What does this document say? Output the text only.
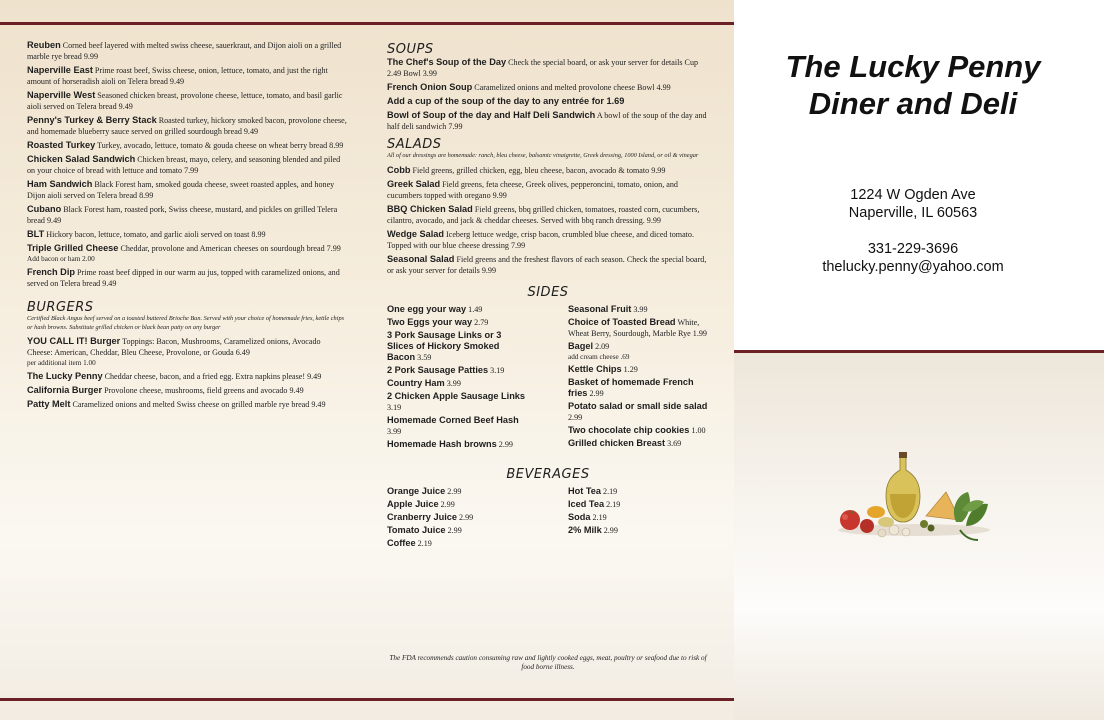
Reuben Corned beef layered with melted swiss cheese, sauerkraut, and Dijon aioli on a grilled marble rye bread 9.99
Naperville East Prime roast beef, Swiss cheese, onion, lettuce, tomato, and just the right amount of horseradish aioli on Telera bread 9.49
Naperville West Seasoned chicken breast, provolone cheese, lettuce, tomato, and basil garlic aioli served on Telera bread 9.49
Penny's Turkey & Berry Stack Roasted turkey, hickory smoked bacon, provolone cheese, and homemade blueberry sauce served on grilled sourdough bread 9.49
Roasted Turkey Turkey, avocado, lettuce, tomato & gouda cheese on wheat berry bread 8.99
Chicken Salad Sandwich Chicken breast, mayo, celery, and seasoning blended and piled on your choice of bread with lettuce and tomato 7.99
Ham Sandwich Black Forest ham, smoked gouda cheese, sweet roasted apples, and honey Dijon aioli served on Telera bread 8.99
Cubano Black Forest ham, roasted pork, Swiss cheese, mustard, and pickles on grilled Telera bread 9.49
BLT Hickory bacon, lettuce, tomato, and garlic aioli served on toast 8.99
Triple Grilled Cheese Cheddar, provolone and American cheeses on sourdough bread 7.99
Add bacon or ham 2.00
French Dip Prime roast beef dipped in our warm au jus, topped with caramelized onions, and served on Telera bread 9.49
BURGERS
Certified Black Angus beef served on a toasted buttered Brioche Bun. Served with your choice of homemade fries, kettle chips or hash browns. Substitute grilled chicken or black bean patty on any burger
YOU CALL IT! Burger Toppings: Bacon, Mushrooms, Caramelized onions, Avocado
Cheese: American, Cheddar, Bleu Cheese, Provolone, or Gouda 6.49
per additional item 1.00
The Lucky Penny Cheddar cheese, bacon, and a fried egg. Extra napkins please! 9.49
California Burger Provolone cheese, mushrooms, field greens and avocado 9.49
Patty Melt Caramelized onions and melted Swiss cheese on grilled marble rye bread 9.49
SOUPS
The Chef's Soup of the Day Check the special board, or ask your server for details Cup 2.49 Bowl 3.99
French Onion Soup Caramelized onions and melted provolone cheese Bowl 4.99
Add a cup of the soup of the day to any entrée for 1.69
Bowl of Soup of the day and Half Deli Sandwich A bowl of the soup of the day and half deli sandwich 7.99
SALADS
All of our dressings are homemade: ranch, bleu cheese, balsamic vinaigrette, Greek dressing, 1000 Island, or oil & vinegar
Cobb Field greens, grilled chicken, egg, bleu cheese, bacon, avocado & tomato 9.99
Greek Salad Field greens, feta cheese, Greek olives, pepperoncini, tomato, onion, and cucumbers topped with oregano 9.99
BBQ Chicken Salad Field greens, bbq grilled chicken, tomatoes, roasted corn, cucumbers, cilantro, avocado, and jack & cheddar cheeses. Served with bbq ranch dressing. 9.99
Wedge Salad Iceberg lettuce wedge, crisp bacon, crumbled blue cheese, and diced tomato. Topped with our blue cheese dressing 7.99
Seasonal Salad Field greens and the freshest flavors of each season. Check the special board, or ask your server for details 9.99
SIDES
One egg your way 1.49
Two Eggs your way 2.79
3 Pork Sausage Links or 3 Slices of Hickory Smoked Bacon 3.59
2 Pork Sausage Patties 3.19
Country Ham 3.99
2 Chicken Apple Sausage Links 3.19
Homemade Corned Beef Hash 3.99
Homemade Hash browns 2.99
Seasonal Fruit 3.99
Choice of Toasted Bread White, Wheat Berry, Sourdough, Marble Rye 1.99
Bagel 2.09
add cream cheese .69
Kettle Chips 1.29
Basket of homemade French fries 2.99
Potato salad or small side salad 2.99
Two chocolate chip cookies 1.00
Grilled chicken Breast 3.69
BEVERAGES
Orange Juice 2.99
Apple Juice 2.99
Cranberry Juice 2.99
Tomato Juice 2.99
Coffee 2.19
Hot Tea 2.19
Iced Tea 2.19
Soda 2.19
2% Milk 2.99
The FDA recommends caution consuming raw and lightly cooked eggs, meat, poultry or seafood due to risk of food borne illness.
The Lucky Penny
Diner and Deli
1224 W Ogden Ave
Naperville, IL 60563
331-229-3696
thelucky.penny@yahoo.com
